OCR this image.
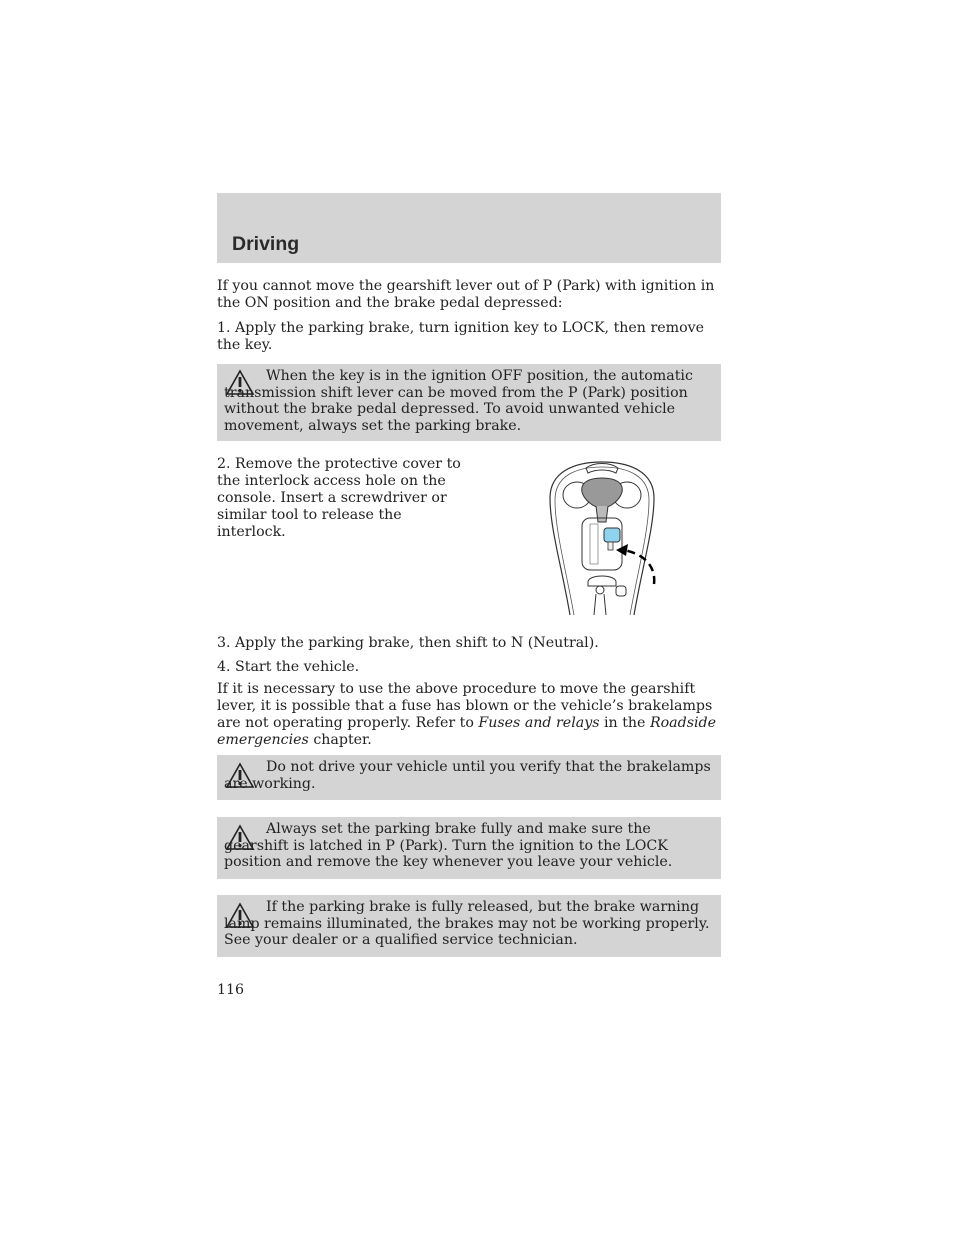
Driving

If you cannot move the gearshift lever out of P (Park) with ignition in the ON position and the brake pedal depressed:

1. Apply the parking brake, turn ignition key to LOCK, then remove the key.

When the key is in the ignition OFF position, the automatic transmission shift lever can be moved from the P (Park) position without the brake pedal depressed. To avoid unwanted vehicle movement, always set the parking brake.

2. Remove the protective cover to the interlock access hole on the console. Insert a screwdriver or similar tool to release the interlock.

3. Apply the parking brake, then shift to N (Neutral).

4. Start the vehicle.

If it is necessary to use the above procedure to move the gearshift lever, it is possible that a fuse has blown or the vehicle’s brakelamps are not operating properly. Refer to Fuses and relays in the Roadside emergencies chapter.

Do not drive your vehicle until you verify that the brakelamps are working.
Always set the parking brake fully and make sure the gearshift is latched in P (Park). Turn the ignition to the LOCK position and remove the key whenever you leave your vehicle.
If the parking brake is fully released, but the brake warning lamp remains illuminated, the brakes may not be working properly. See your dealer or a qualified service technician.
116
